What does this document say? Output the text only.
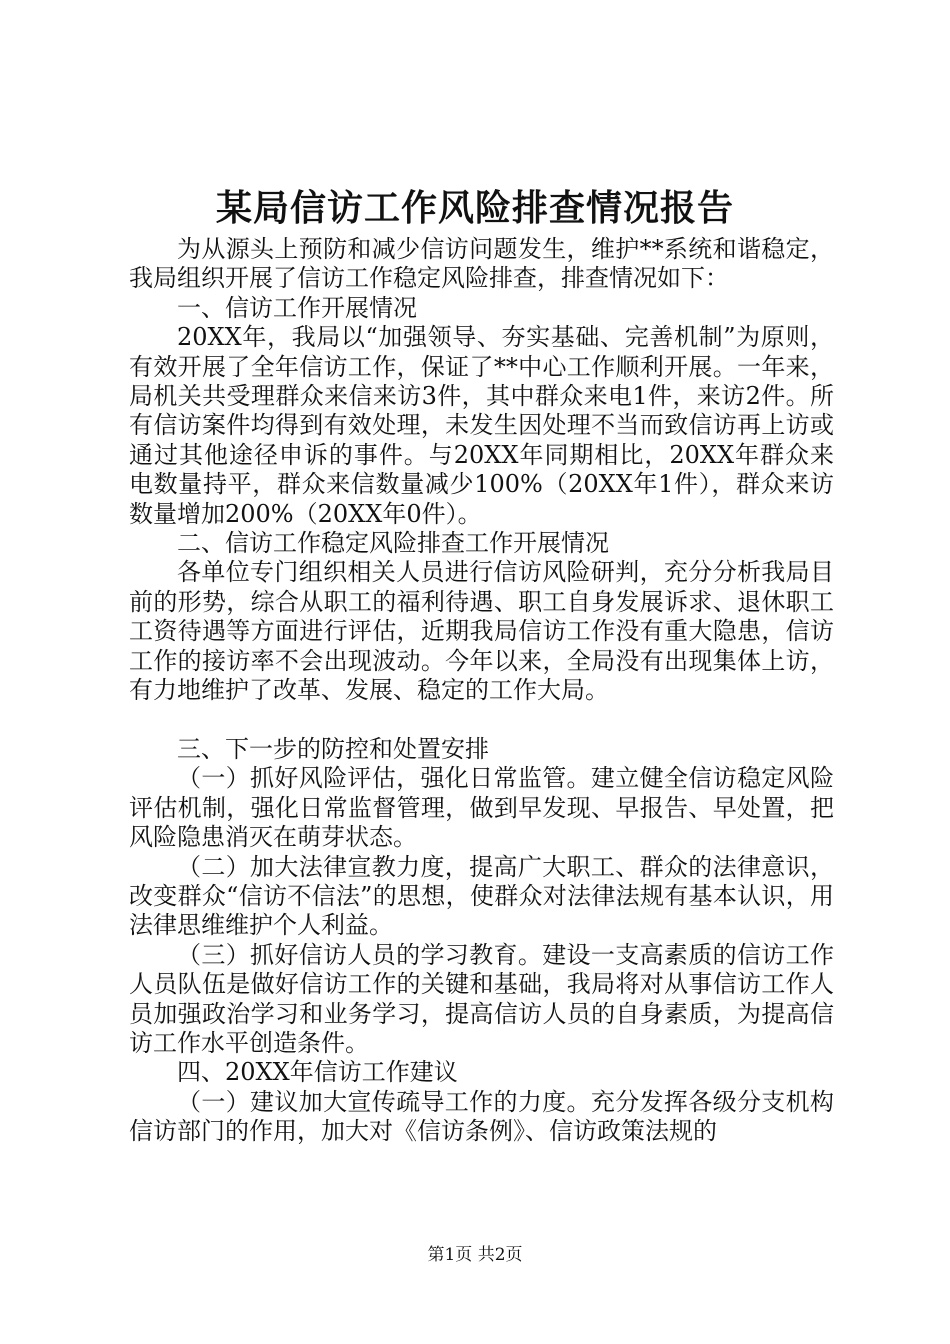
某局信访工作风险排查情况报告

为从源头上预防和减少信访问题发生，维护**系统和谐稳定，我局组织开展了信访工作稳定风险排查，排查情况如下：

一、信访工作开展情况

20XX年，我局以“加强领导、夯实基础、完善机制”为原则，有效开展了全年信访工作，保证了**中心工作顺利开展。一年来，局机关共受理群众来信来访3件，其中群众来电1件，来访2件。所有信访案件均得到有效处理，未发生因处理不当而致信访再上访或通过其他途径申诉的事件。与20XX年同期相比，20XX年群众来电数量持平，群众来信数量减少100%（20XX年1件），群众来访数量增加200%（20XX年0件）。

二、信访工作稳定风险排查工作开展情况

各单位专门组织相关人员进行信访风险研判，充分分析我局目前的形势，综合从职工的福利待遇、职工自身发展诉求、退休职工工资待遇等方面进行评估，近期我局信访工作没有重大隐患，信访工作的接访率不会出现波动。今年以来，全局没有出现集体上访，有力地维护了改革、发展、稳定的工作大局。

三、下一步的防控和处置安排

（一）抓好风险评估，强化日常监管。建立健全信访稳定风险评估机制，强化日常监督管理，做到早发现、早报告、早处置，把风险隐患消灭在萌芽状态。

（二）加大法律宣教力度，提高广大职工、群众的法律意识，改变群众“信访不信法”的思想，使群众对法律法规有基本认识，用法律思维维护个人利益。

（三）抓好信访人员的学习教育。建设一支高素质的信访工作人员队伍是做好信访工作的关键和基础，我局将对从事信访工作人员加强政治学习和业务学习，提高信访人员的自身素质，为提高信访工作水平创造条件。

四、20XX年信访工作建议

（一）建议加大宣传疏导工作的力度。充分发挥各级分支机构信访部门的作用，加大对《信访条例》、信访政策法规的

第1页 共2页
